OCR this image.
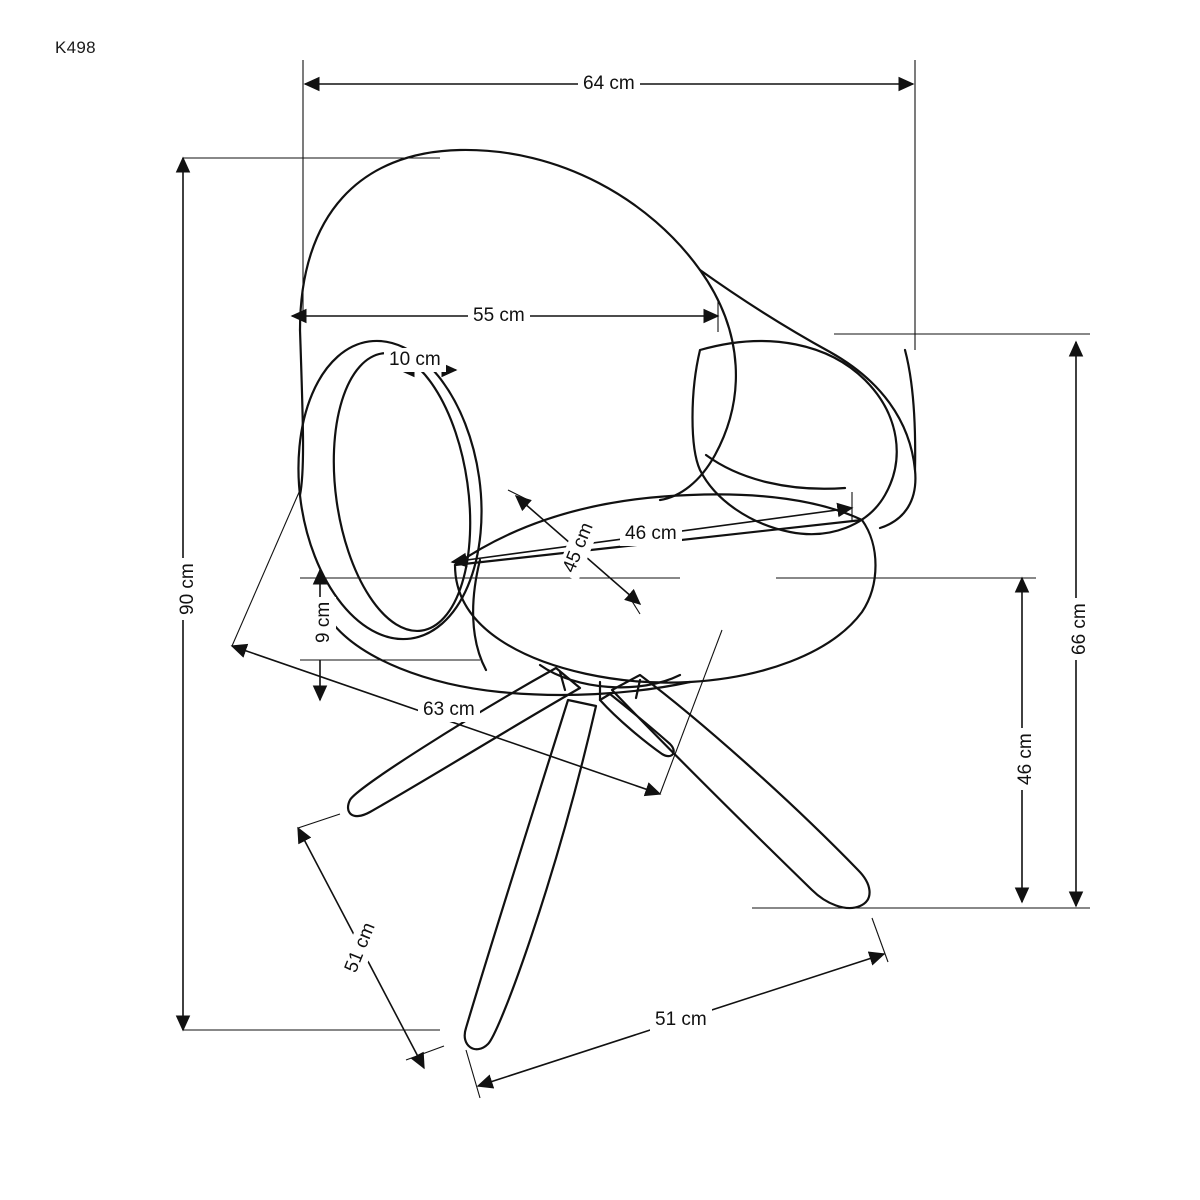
K498
64 cm
55 cm
10 cm
46 cm
45 cm
90 cm
9 cm	66 cm
46 cm
63 cm
51 cm
51 cm
